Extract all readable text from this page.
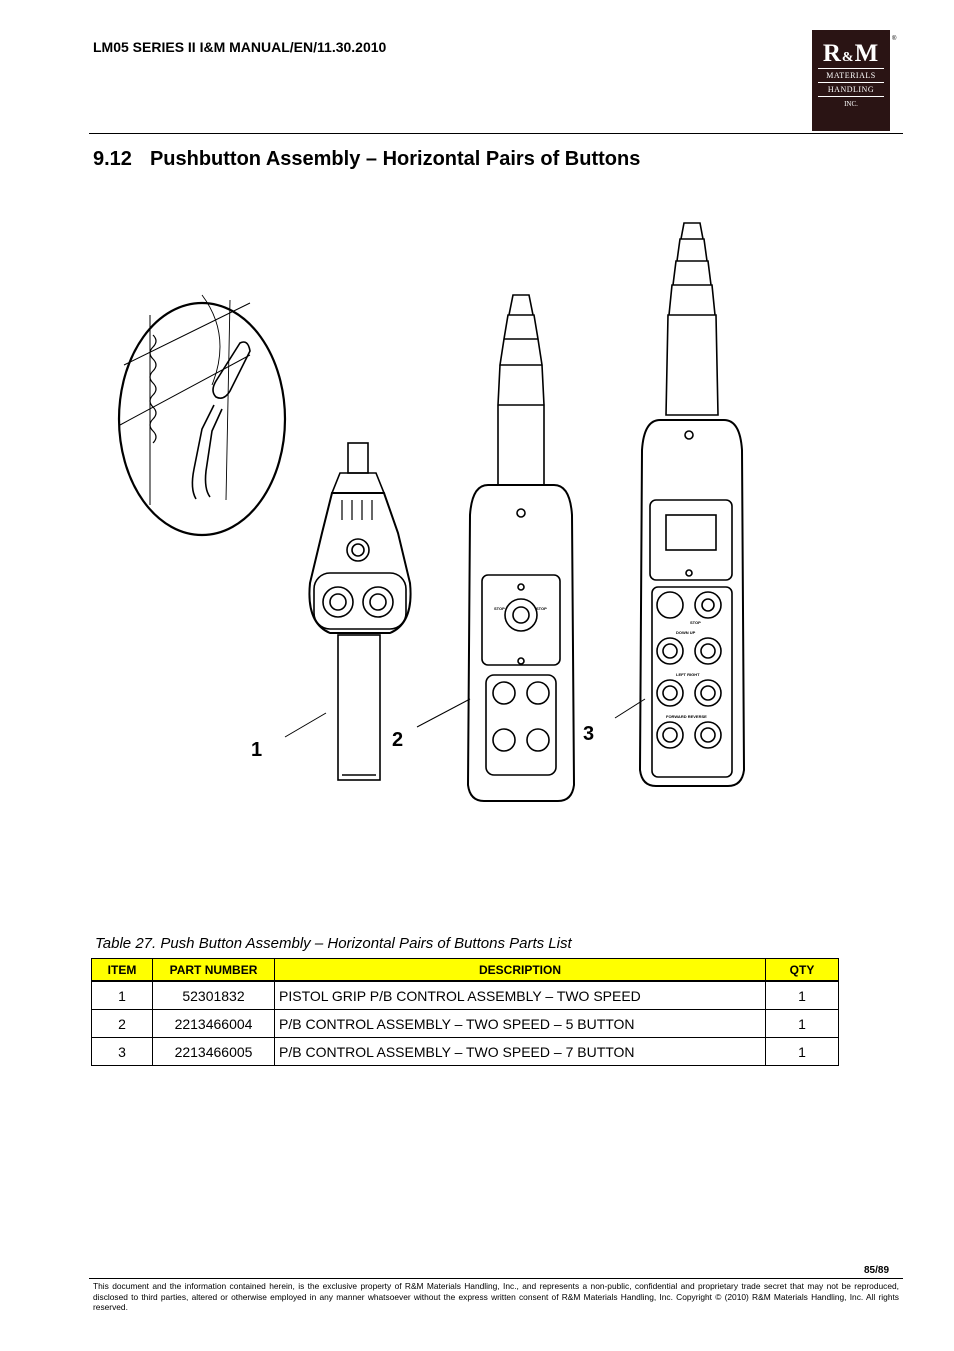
LM05 SERIES II I&M MANUAL/EN/11.30.2010	R&M
MATERIALS
HANDLING
INC.
®
9.12 Pushbutton Assembly – Horizontal Pairs of Buttons
1	2	3
STOP	STOP
STOP
DOWN UP
LEFT RIGHT
FORWARD REVERSE
Table 27. Push Button Assembly – Horizontal Pairs of Buttons Parts List
ITEM	PART NUMBER	DESCRIPTION	QTY
1	52301832	PISTOL GRIP P/B CONTROL ASSEMBLY – TWO SPEED	1
2	2213466004	P/B CONTROL ASSEMBLY – TWO SPEED – 5 BUTTON	1
3	2213466005	P/B CONTROL ASSEMBLY – TWO SPEED – 7 BUTTON	1
85/89
This document and the information contained herein, is the exclusive property of R&M Materials Handling, Inc., and represents a non-public, confidential and proprietary trade secret that may not be reproduced, disclosed to third parties, altered or otherwise employed in any manner whatsoever without the express written consent of R&M Materials Handling, Inc. Copyright © (2010) R&M Materials Handling, Inc. All rights reserved.
